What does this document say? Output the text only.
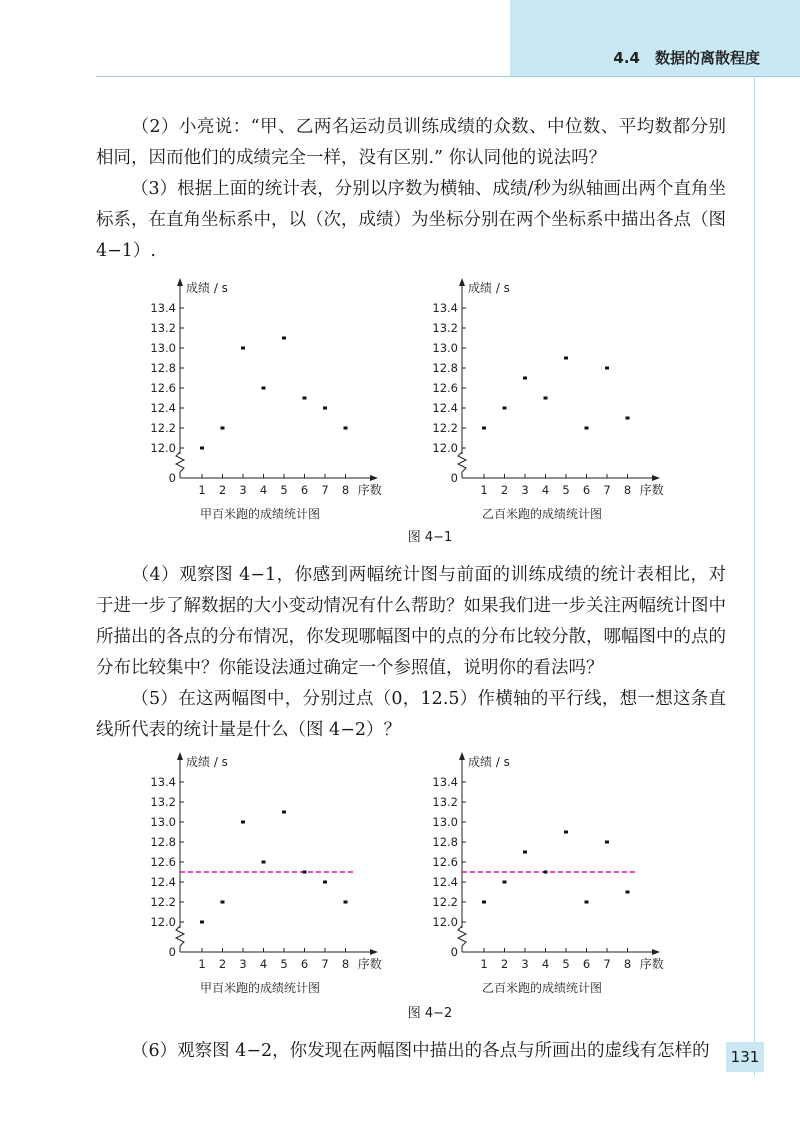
4.4　数据的离散程度
（2）小亮说：“甲、乙两名运动员训练成绩的众数、中位数、平均数都分别相同，因而他们的成绩完全一样，没有区别.” 你认同他的说法吗？
（3）根据上面的统计表，分别以序数为横轴、成绩/秒为纵轴画出两个直角坐标系，在直角坐标系中，以（次，成绩）为坐标分别在两个坐标系中描出各点（图 4−1）.
12.0
12.2
12.4
12.6
12.8
13.0
13.2
13.4
0
1 2 3 4 5 6 7 8
成绩 / s
序数
甲百米跑的成绩统计图
12.0
12.2
12.4
12.6
12.8
13.0
13.2
13.4
0
1 2 3 4 5 6 7 8
成绩 / s
序数
乙百米跑的成绩统计图
图 4−1
（4）观察图 4−1，你感到两幅统计图与前面的训练成绩的统计表相比，对于进一步了解数据的大小变动情况有什么帮助？如果我们进一步关注两幅统计图中所描出的各点的分布情况，你发现哪幅图中的点的分布比较分散，哪幅图中的点的分布比较集中？你能设法通过确定一个参照值，说明你的看法吗？
（5）在这两幅图中，分别过点（0，12.5）作横轴的平行线，想一想这条直线所代表的统计量是什么（图 4−2）？
12.0
12.2
12.4
12.6
12.8
13.0
13.2
13.4
0
1 2 3 4 5 6 7 8
成绩 / s
序数
甲百米跑的成绩统计图
12.0
12.2
12.4
12.6
12.8
13.0
13.2
13.4
0
1 2 3 4 5 6 7 8
成绩 / s
序数
乙百米跑的成绩统计图
图 4−2
（6）观察图 4−2，你发现在两幅图中描出的各点与所画出的虚线有怎样的	131
